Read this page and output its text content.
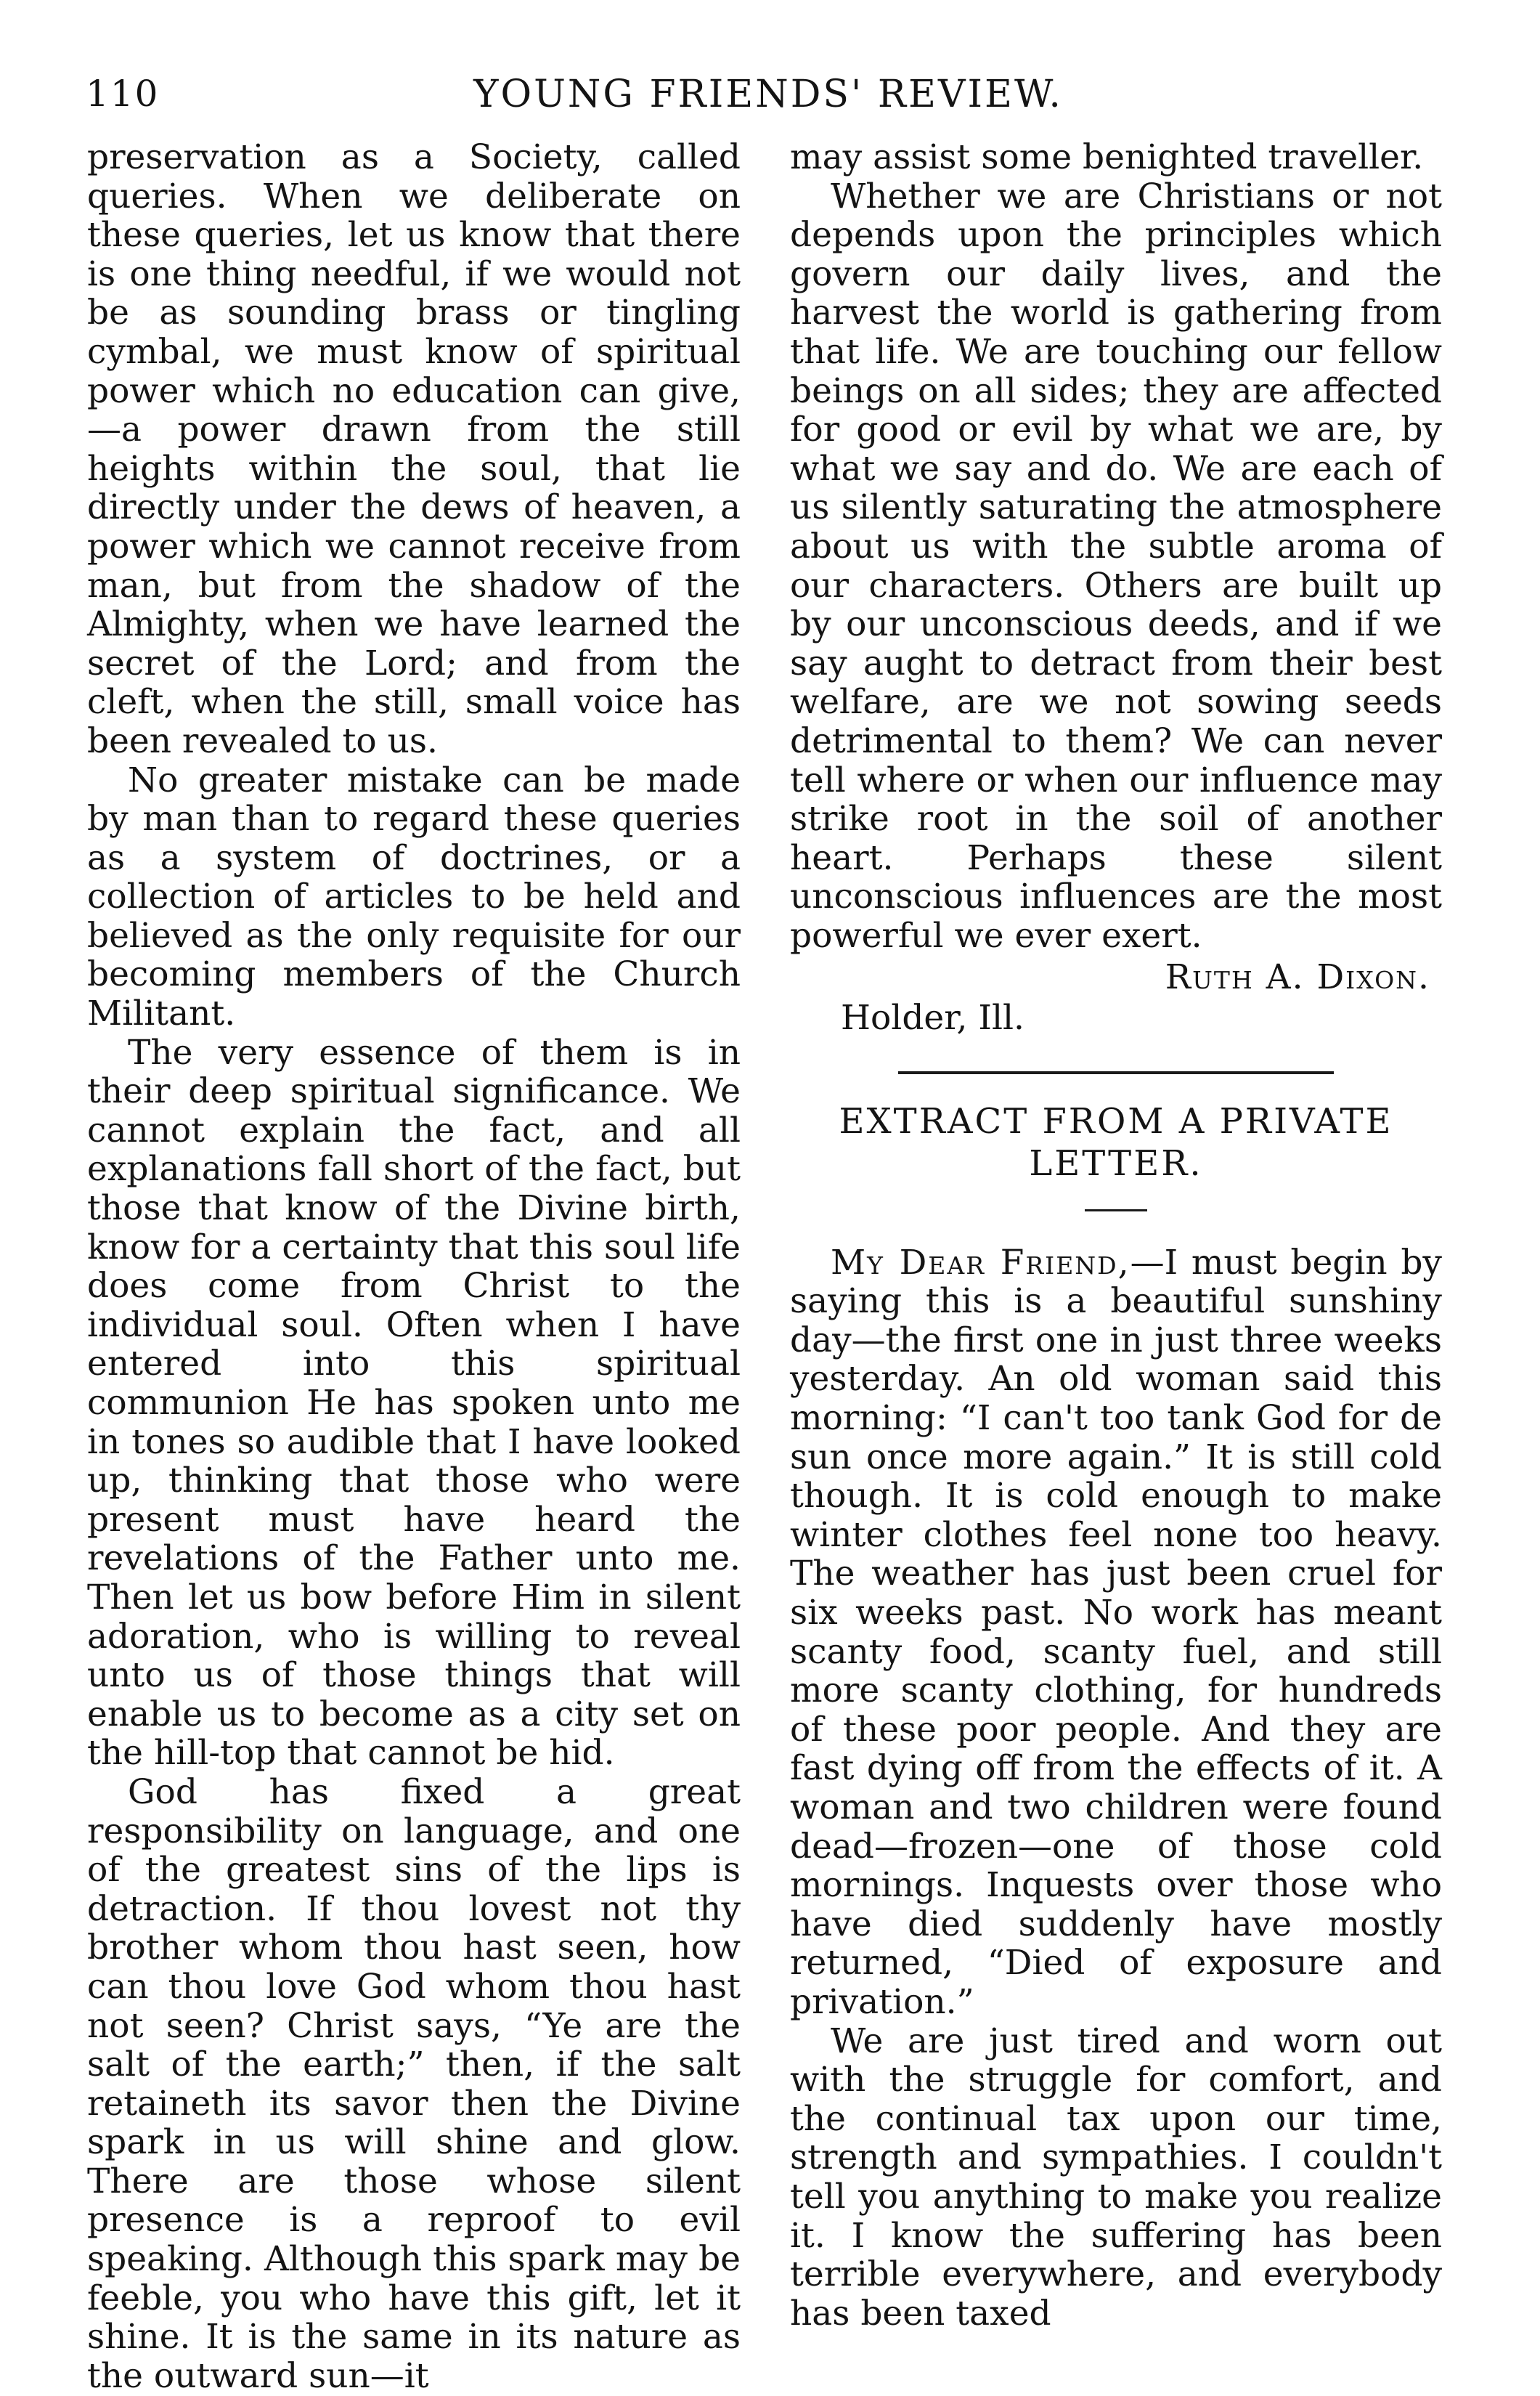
110	YOUNG FRIENDS' REVIEW.

preservation as a Society, called queries. When we deliberate on these queries, let us know that there is one thing needful, if we would not be as sounding brass or tingling cymbal, we must know of spiritual power which no education can give,—a power drawn from the still heights within the soul, that lie directly under the dews of heaven, a power which we cannot receive from man, but from the shadow of the Almighty, when we have learned the secret of the Lord; and from the cleft, when the still, small voice has been revealed to us.

No greater mistake can be made by man than to regard these queries as a system of doctrines, or a collection of articles to be held and believed as the only requisite for our becoming members of the Church Militant.

The very essence of them is in their deep spiritual significance. We cannot explain the fact, and all explanations fall short of the fact, but those that know of the Divine birth, know for a certainty that this soul life does come from Christ to the individual soul. Often when I have entered into this spiritual communion He has spoken unto me in tones so audible that I have looked up, thinking that those who were present must have heard the revelations of the Father unto me. Then let us bow before Him in silent adoration, who is willing to reveal unto us of those things that will enable us to become as a city set on the hill-top that cannot be hid.

God has fixed a great responsibility on language, and one of the greatest sins of the lips is detraction. If thou lovest not thy brother whom thou hast seen, how can thou love God whom thou hast not seen? Christ says, “Ye are the salt of the earth;” then, if the salt retaineth its savor then the Divine spark in us will shine and glow. There are those whose silent presence is a reproof to evil speaking. Although this spark may be feeble, you who have this gift, let it shine. It is the same in its nature as the outward sun—it

may assist some benighted traveller.

Whether we are Christians or not depends upon the principles which govern our daily lives, and the harvest the world is gathering from that life. We are touching our fellow beings on all sides; they are affected for good or evil by what we are, by what we say and do. We are each of us silently saturating the atmosphere about us with the subtle aroma of our characters. Others are built up by our unconscious deeds, and if we say aught to detract from their best welfare, are we not sowing seeds detrimental to them? We can never tell where or when our influence may strike root in the soil of another heart. Perhaps these silent unconscious influences are the most powerful we ever exert.

Ruth A. Dixon.
Holder, Ill.
EXTRACT FROM A PRIVATE
LETTER.

My Dear Friend,—I must begin by saying this is a beautiful sunshiny day—the first one in just three weeks yesterday. An old woman said this morning: “I can't too tank God for de sun once more again.” It is still cold though. It is cold enough to make winter clothes feel none too heavy. The weather has just been cruel for six weeks past. No work has meant scanty food, scanty fuel, and still more scanty clothing, for hundreds of these poor people. And they are fast dying off from the effects of it. A woman and two children were found dead—frozen—one of those cold mornings. Inquests over those who have died suddenly have mostly returned, “Died of exposure and privation.”

We are just tired and worn out with the struggle for comfort, and the continual tax upon our time, strength and sympathies. I couldn't tell you anything to make you realize it. I know the suffering has been terrible everywhere, and everybody has been taxed
